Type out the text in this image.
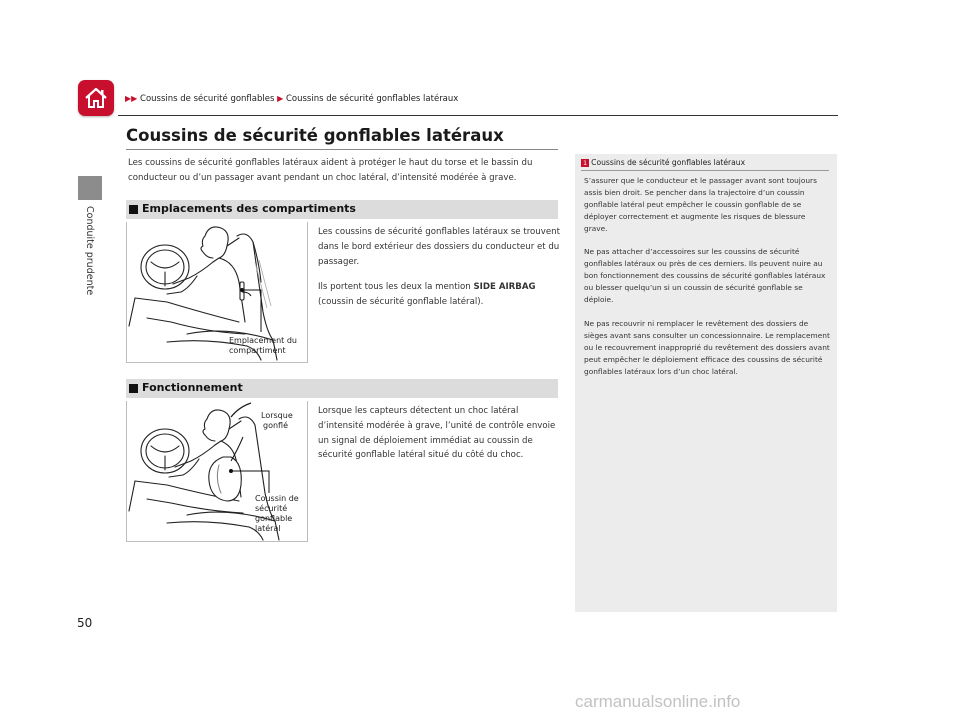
Conduite prudente
▶▶ Coussins de sécurité gonflables ▶ Coussins de sécurité gonflables latéraux
Coussins de sécurité gonflables latéraux
Les coussins de sécurité gonflables latéraux aident à protéger le haut du torse et le bassin du conducteur ou d’un passager avant pendant un choc latéral, d’intensité modérée à grave.
Emplacements des compartiments
Emplacement du
compartiment
Les coussins de sécurité gonflables latéraux se trouvent dans le bord extérieur des dossiers du conducteur et du passager.
Ils portent tous les deux la mention SIDE AIRBAG (coussin de sécurité gonflable latéral).
Fonctionnement
Lorsque
gonflé
Coussin de
sécurité
gonflable
latéral
Lorsque les capteurs détectent un choc latéral d’intensité modérée à grave, l’unité de contrôle envoie un signal de déploiement immédiat au coussin de sécurité gonflable latéral situé du côté du choc.
1 Coussins de sécurité gonflables latéraux
S’assurer que le conducteur et le passager avant sont toujours assis bien droit. Se pencher dans la trajectoire d’un coussin gonflable latéral peut empêcher le coussin gonflable de se déployer correctement et augmente les risques de blessure grave.
Ne pas attacher d’accessoires sur les coussins de sécurité gonflables latéraux ou près de ces derniers. Ils peuvent nuire au bon fonctionnement des coussins de sécurité gonflables latéraux ou blesser quelqu’un si un coussin de sécurité gonflable se déploie.
Ne pas recouvrir ni remplacer le revêtement des dossiers de sièges avant sans consulter un concessionnaire. Le remplacement ou le recouvrement inapproprié du revêtement des dossiers avant peut empêcher le déploiement efficace des coussins de sécurité gonflables latéraux lors d’un choc latéral.
50
carmanualsonline.info
